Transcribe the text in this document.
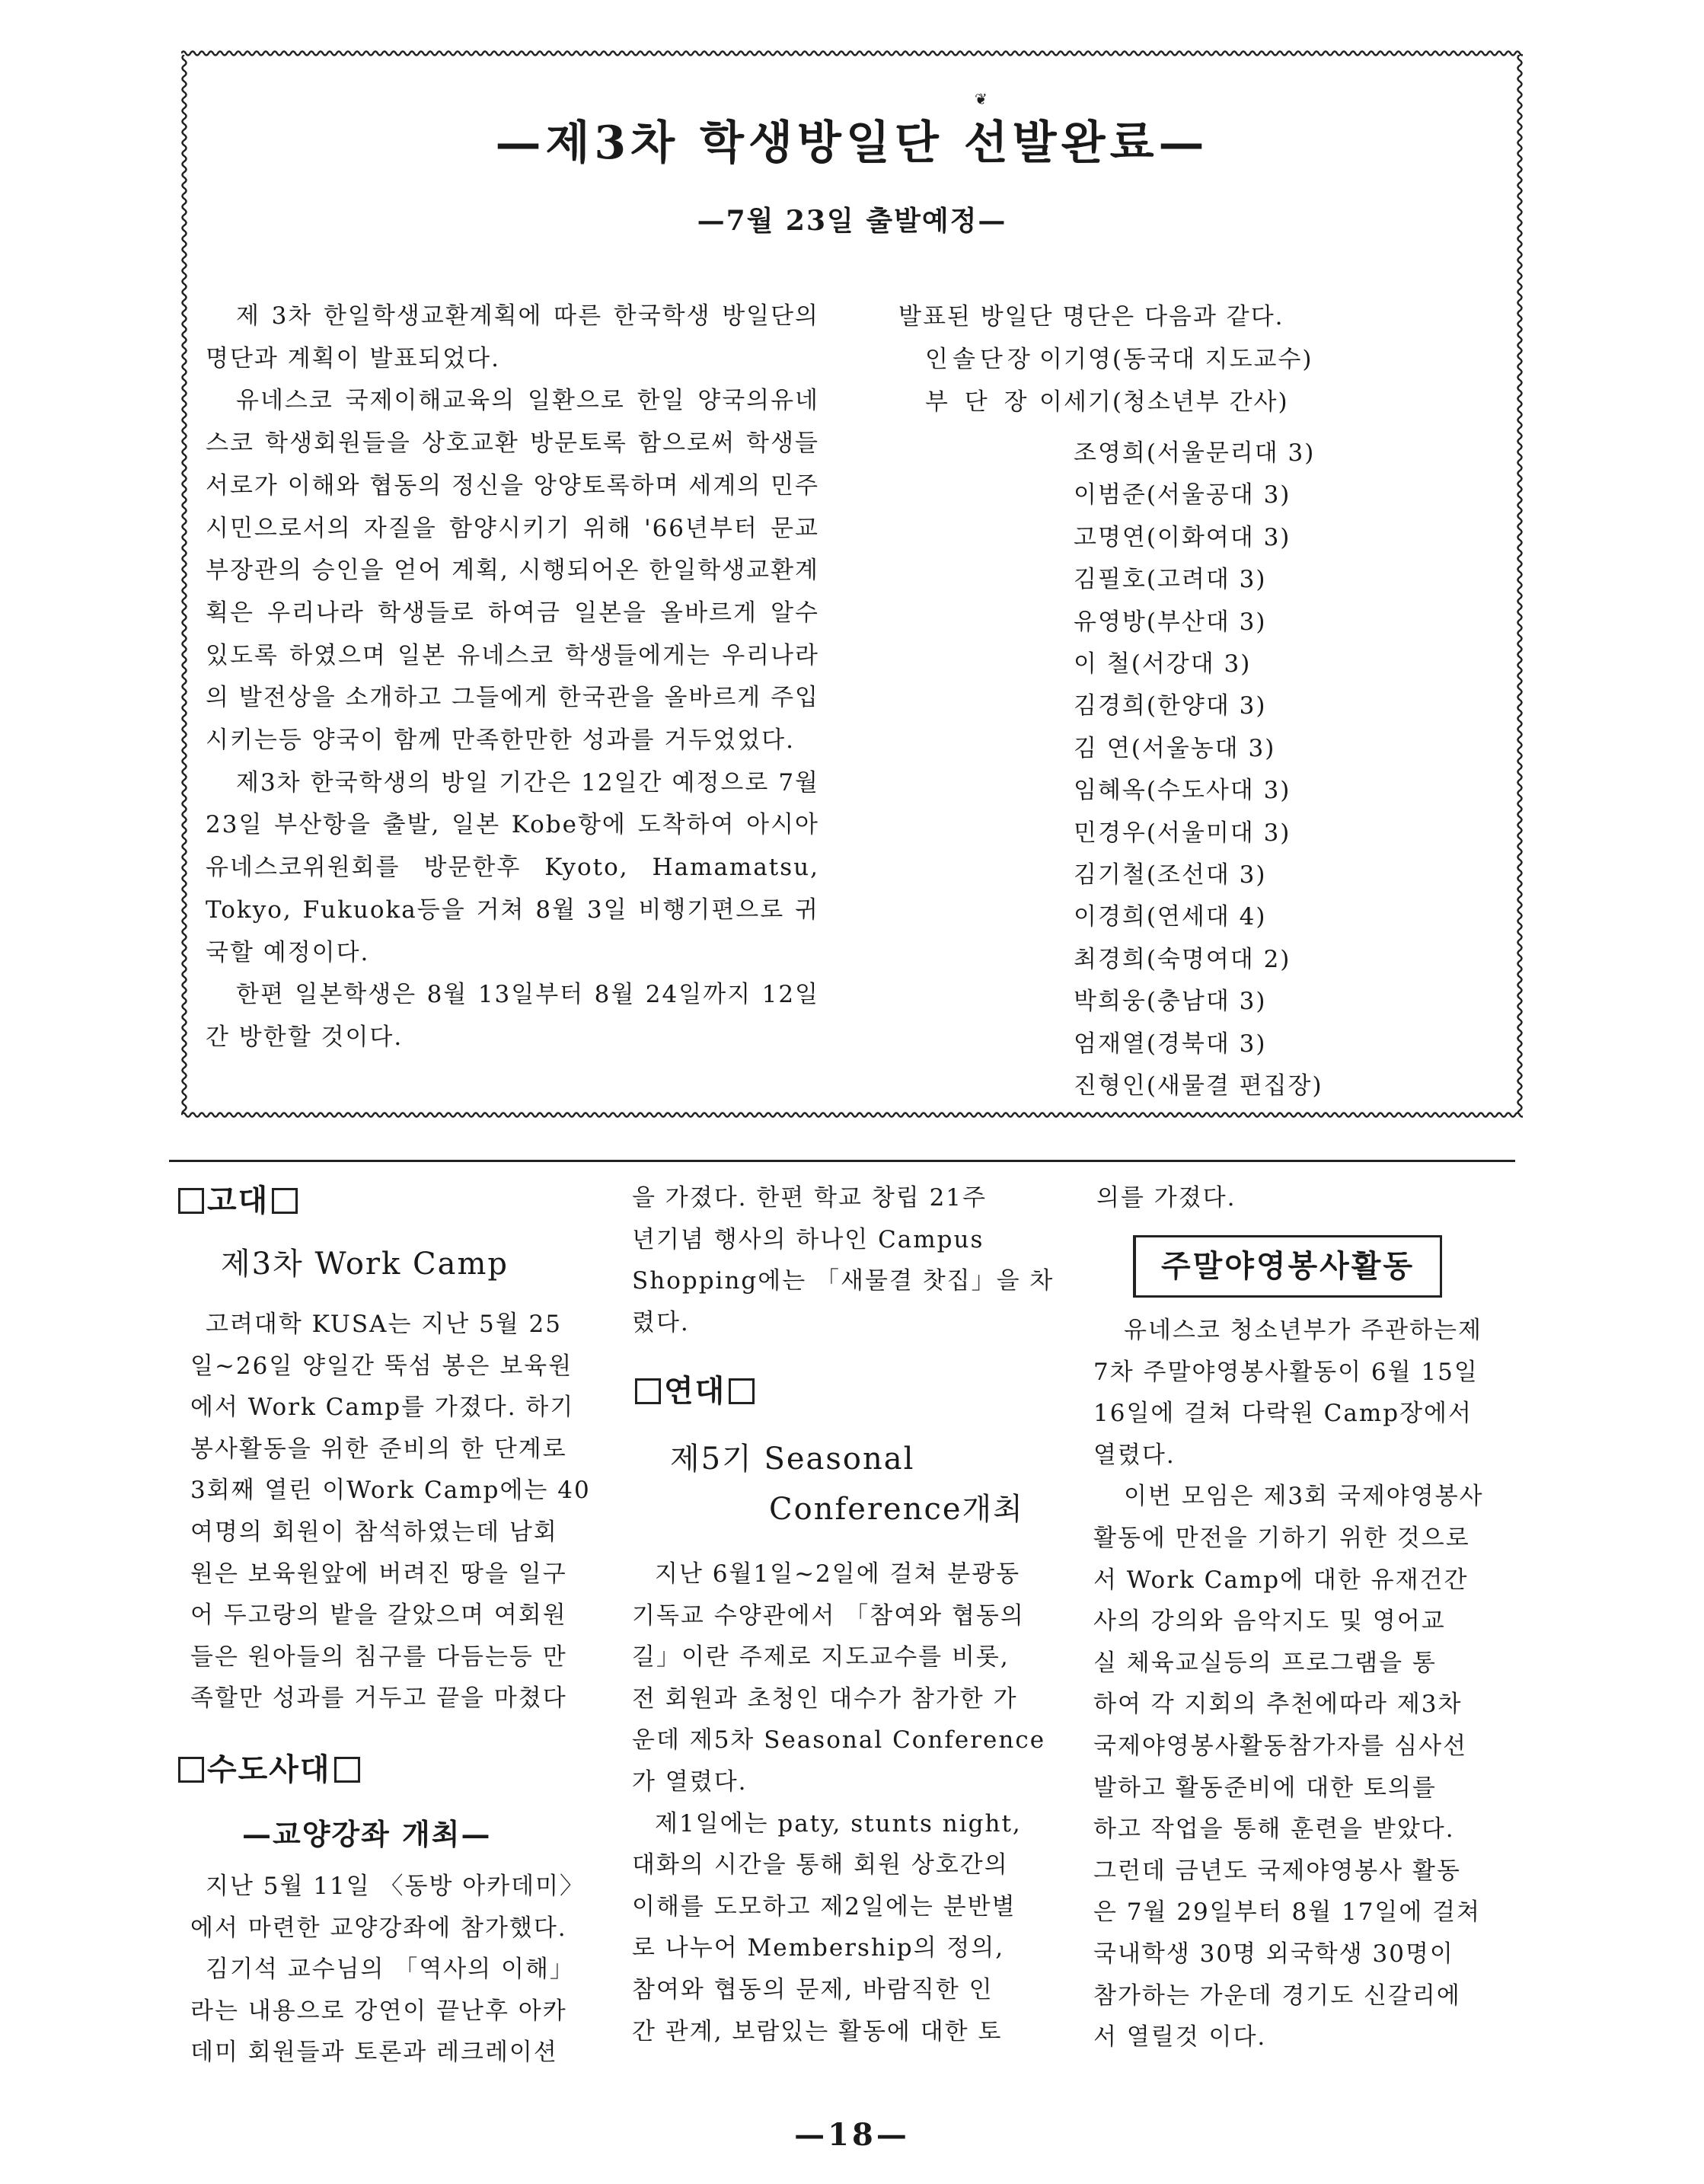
❦
—제3차 학생방일단 선발완료—
—7월 23일 출발예정—

제 3차 한일학생교환계획에 따른 한국학생 방일단의 명단과 계획이 발표되었다.

유네스코 국제이해교육의 일환으로 한일 양국의유네스코 학생회원들을 상호교환 방문토록 함으로써 학생들 서로가 이해와 협동의 정신을 앙양토록하며 세계의 민주시민으로서의 자질을 함양시키기 위해 '66년부터 문교부장관의 승인을 얻어 계획, 시행되어온 한일학생교환계획은 우리나라 학생들로 하여금 일본을 올바르게 알수 있도록 하였으며 일본 유네스코 학생들에게는 우리나라의 발전상을 소개하고 그들에게 한국관을 올바르게 주입시키는등 양국이 함께 만족한만한 성과를 거두었었다.

제3차 한국학생의 방일 기간은 12일간 예정으로 7월 23일 부산항을 출발, 일본 Kobe항에 도착하여 아시아 유네스코위원회를 방문한후 Kyoto, Hamamatsu, Tokyo, Fukuoka등을 거쳐 8월 3일 비행기편으로 귀국할 예정이다.

한편 일본학생은 8월 13일부터 8월 24일까지 12일간 방한할 것이다.

발표된 방일단 명단은 다음과 같다.
인솔단장 이기영(동국대 지도교수)
부 단 장 이세기(청소년부 간사)
조영희(서울문리대 3)
이범준(서울공대 3)
고명연(이화여대 3)
김필호(고려대 3)
유영방(부산대 3)
이 철(서강대 3)
김경희(한양대 3)
김 연(서울농대 3)
임혜옥(수도사대 3)
민경우(서울미대 3)
김기철(조선대 3)
이경희(연세대 4)
최경희(숙명여대 2)
박희웅(충남대 3)
엄재열(경북대 3)
진형인(새물결 편집장)
고대
제3차 Work Camp

고려대학 KUSA는 지난 5월 25

일~26일 양일간 뚝섬 봉은 보육원

에서 Work Camp를 가졌다. 하기

봉사활동을 위한 준비의 한 단계로

3회째 열린 이Work Camp에는 40

여명의 회원이 참석하였는데 남회

원은 보육원앞에 버려진 땅을 일구

어 두고랑의 밭을 갈았으며 여회원

들은 원아들의 침구를 다듬는등 만

족할만 성과를 거두고 끝을 마쳤다

수도사대
—교양강좌 개최—

지난 5월 11일 〈동방 아카데미〉

에서 마련한 교양강좌에 참가했다.

김기석 교수님의 「역사의 이해」

라는 내용으로 강연이 끝난후 아카

데미 회원들과 토론과 레크레이션

을 가졌다. 한편 학교 창립 21주

년기념 행사의 하나인 Campus

Shopping에는 「새물결 찻집」을 차

렸다.

연대
제5기 Seasonal
Conference개최

지난 6월1일~2일에 걸쳐 분광동

기독교 수양관에서 「참여와 협동의

길」이란 주제로 지도교수를 비롯,

전 회원과 초청인 대수가 참가한 가

운데 제5차 Seasonal Conference

가 열렸다.

제1일에는 paty, stunts night,

대화의 시간을 통해 회원 상호간의

이해를 도모하고 제2일에는 분반별

로 나누어 Membership의 정의,

참여와 협동의 문제, 바람직한 인

간 관계, 보람있는 활동에 대한 토

의를 가졌다.

주말야영봉사활동

유네스코 청소년부가 주관하는제

7차 주말야영봉사활동이 6월 15일

16일에 걸쳐 다락원 Camp장에서

열렸다.

이번 모임은 제3회 국제야영봉사

활동에 만전을 기하기 위한 것으로

서 Work Camp에 대한 유재건간

사의 강의와 음악지도 및 영어교

실 체육교실등의 프로그램을 통

하여 각 지회의 추천에따라 제3차

국제야영봉사활동참가자를 심사선

발하고 활동준비에 대한 토의를

하고 작업을 통해 훈련을 받았다.

그런데 금년도 국제야영봉사 활동

은 7월 29일부터 8월 17일에 걸쳐

국내학생 30명 외국학생 30명이

참가하는 가운데 경기도 신갈리에

서 열릴것 이다.

—18—
